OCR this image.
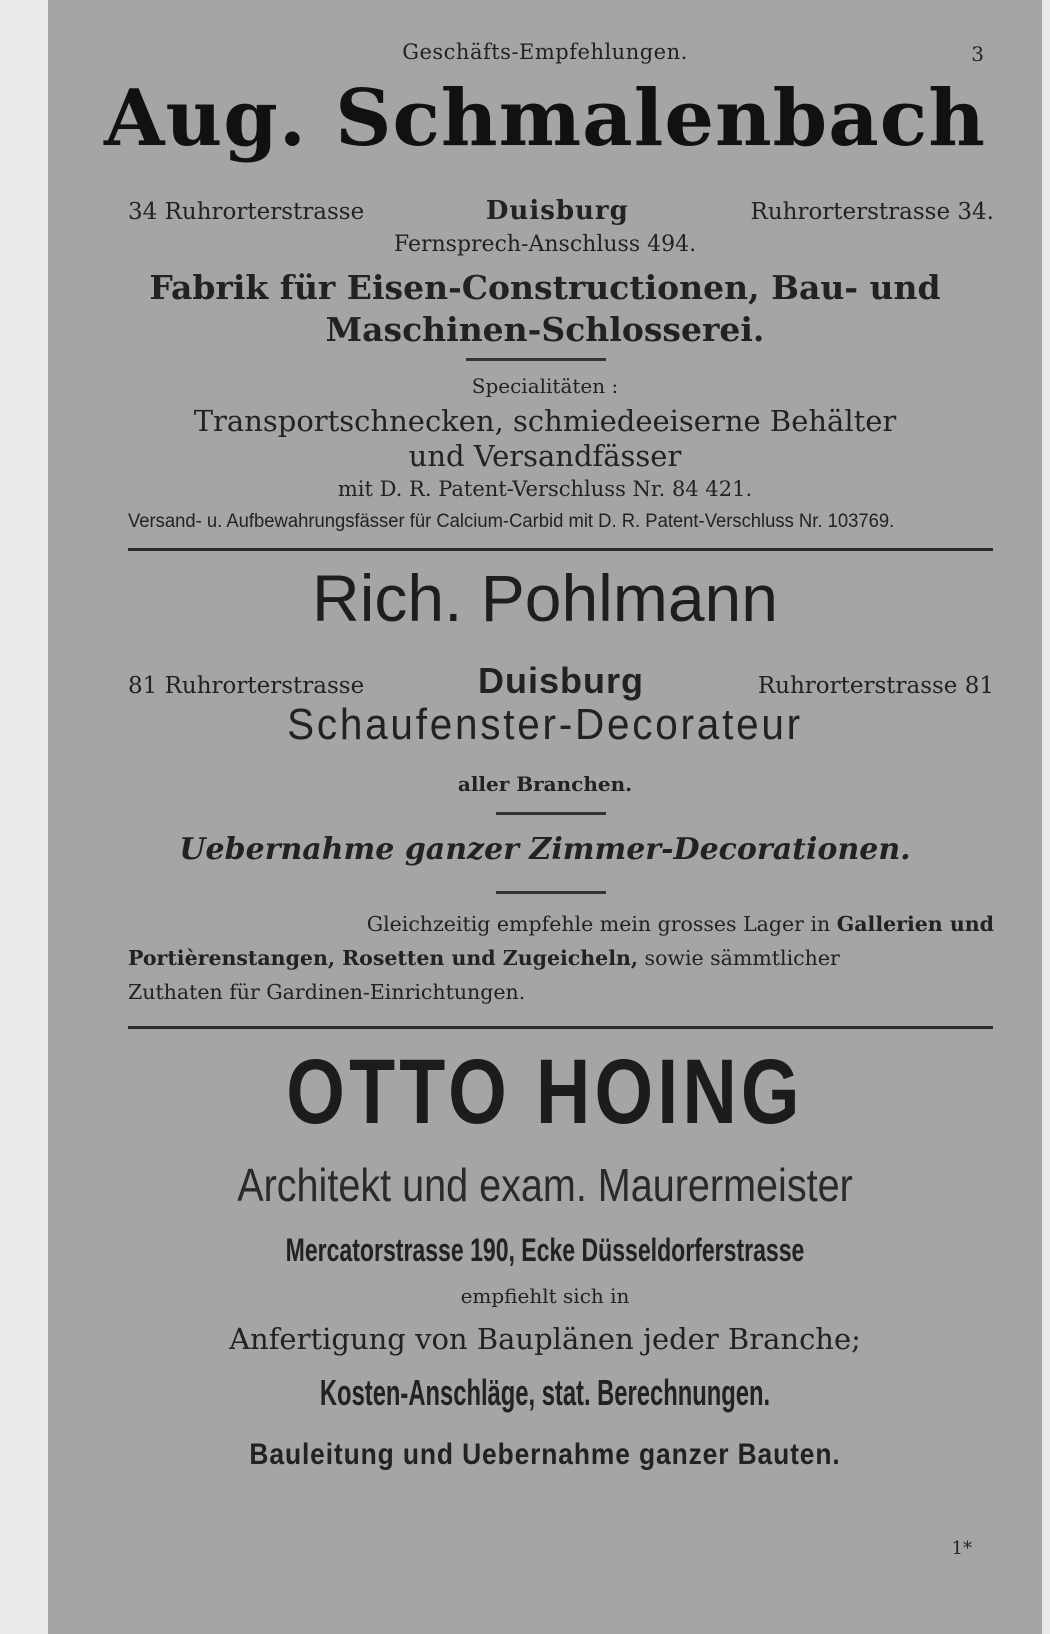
Geschäfts-Empfehlungen.	3
Aug. Schmalenbach
34 Ruhrorterstrasse	Duisburg	Ruhrorterstrasse 34.
Fernsprech-Anschluss 494.
Fabrik für Eisen-Constructionen, Bau- und
Maschinen-Schlosserei.
Specialitäten :
Transportschnecken, schmiedeeiserne Behälter
und Versandfässer
mit D. R. Patent-Verschluss Nr. 84 421.
Versand- u. Aufbewahrungsfässer für Calcium-Carbid mit D. R. Patent-Verschluss Nr. 103769.
Rich. Pohlmann
81 Ruhrorterstrasse	Duisburg	Ruhrorterstrasse 81
Schaufenster-Decorateur
aller Branchen.
Uebernahme ganzer Zimmer-Decorationen.
Gleichzeitig empfehle mein grosses Lager in Gallerien und
Portièrenstangen, Rosetten und Zugeicheln, sowie sämmtlicher
Zuthaten für Gardinen-Einrichtungen.
OTTO HOING
Architekt und exam. Maurermeister
Mercatorstrasse 190, Ecke Düsseldorferstrasse
empfiehlt sich in
Anfertigung von Bauplänen jeder Branche;
Kosten-Anschläge, stat. Berechnungen.
Bauleitung und Uebernahme ganzer Bauten.
1*
